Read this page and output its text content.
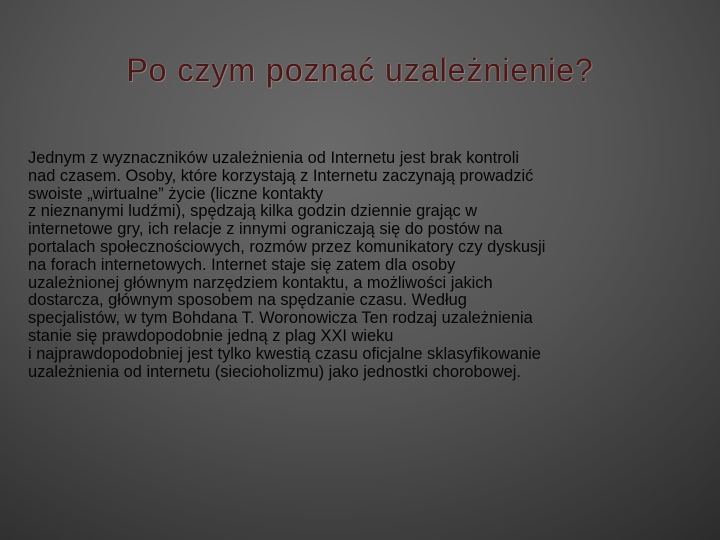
Po czym poznać uzależnienie?

Jednym z wyznaczników uzależnienia od Internetu jest brak kontroli
nad czasem. Osoby, które korzystają z Internetu zaczynają prowadzić
swoiste „wirtualne” życie (liczne kontakty
z nieznanymi ludźmi), spędzają kilka godzin dziennie grając w
internetowe gry, ich relacje z innymi ograniczają się do postów na
portalach społecznościowych, rozmów przez komunikatory czy dyskusji
na forach internetowych. Internet staje się zatem dla osoby
uzależnionej głównym narzędziem kontaktu, a możliwości jakich
dostarcza, głównym sposobem na spędzanie czasu. Według
specjalistów, w tym Bohdana T. Woronowicza Ten rodzaj uzależnienia
stanie się prawdopodobnie jedną z plag XXI wieku
i najprawdopodobniej jest tylko kwestią czasu oficjalne sklasyfikowanie
uzależnienia od internetu (siecioholizmu) jako jednostki chorobowej.
